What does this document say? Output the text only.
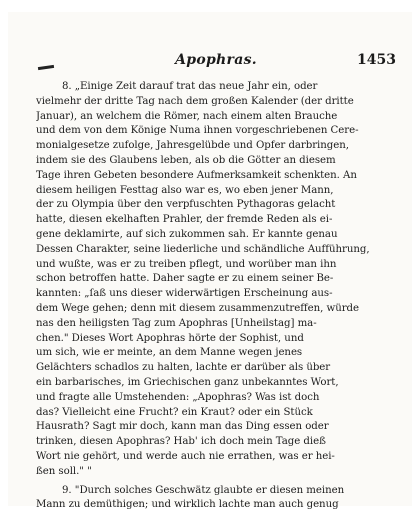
Apophras.	1453
8. „Einige Zeit darauf trat das neue Jahr ein, oder
vielmehr der dritte Tag nach dem großen Kalender (der dritte
Januar), an welchem die Römer, nach einem alten Brauche
und dem von dem Könige Numa ihnen vorgeschriebenen Cere-
monialgesetze zufolge, Jahresgelübde und Opfer darbringen,
indem sie des Glaubens leben, als ob die Götter an diesem
Tage ihren Gebeten besondere Aufmerksamkeit schenkten. An
diesem heiligen Festtag also war es, wo eben jener Mann,
der zu Olympia über den verpfuschten Pythagoras gelacht
hatte, diesen ekelhaften Prahler, der fremde Reden als ei-
gene deklamirte, auf sich zukommen sah. Er kannte genau
Dessen Charakter, seine liederliche und schändliche Aufführung,
und wußte, was er zu treiben pflegt, und worüber man ihn
schon betroffen hatte. Daher sagte er zu einem seiner Be-
kannten: „ſaß uns dieser widerwärtigen Erscheinung aus-
dem Wege gehen; denn mit diesem zusammenzutreffen, würde
nas den heiligsten Tag zum Apophras [Unheilstag] ma-
chen." Dieses Wort Apophras hörte der Sophist, und
um sich, wie er meinte, an dem Manne wegen jenes
Gelächters schadlos zu halten, lachte er darüber als über
ein barbarisches, im Griechischen ganz unbekanntes Wort,
und fragte alle Umstehenden: „Apophras? Was ist doch
das? Vielleicht eine Frucht? ein Kraut? oder ein Stück
Hausrath? Sagt mir doch, kann man das Ding essen oder
trinken, diesen Apophras? Hab' ich doch mein Tage dieß
Wort nie gehört, und werde auch nie errathen, was er hei-
ßen soll." "
9. "Durch solches Geschwätz glaubte er diesen meinen
Mann zu demüthigen; und wirklich lachte man auch genug
